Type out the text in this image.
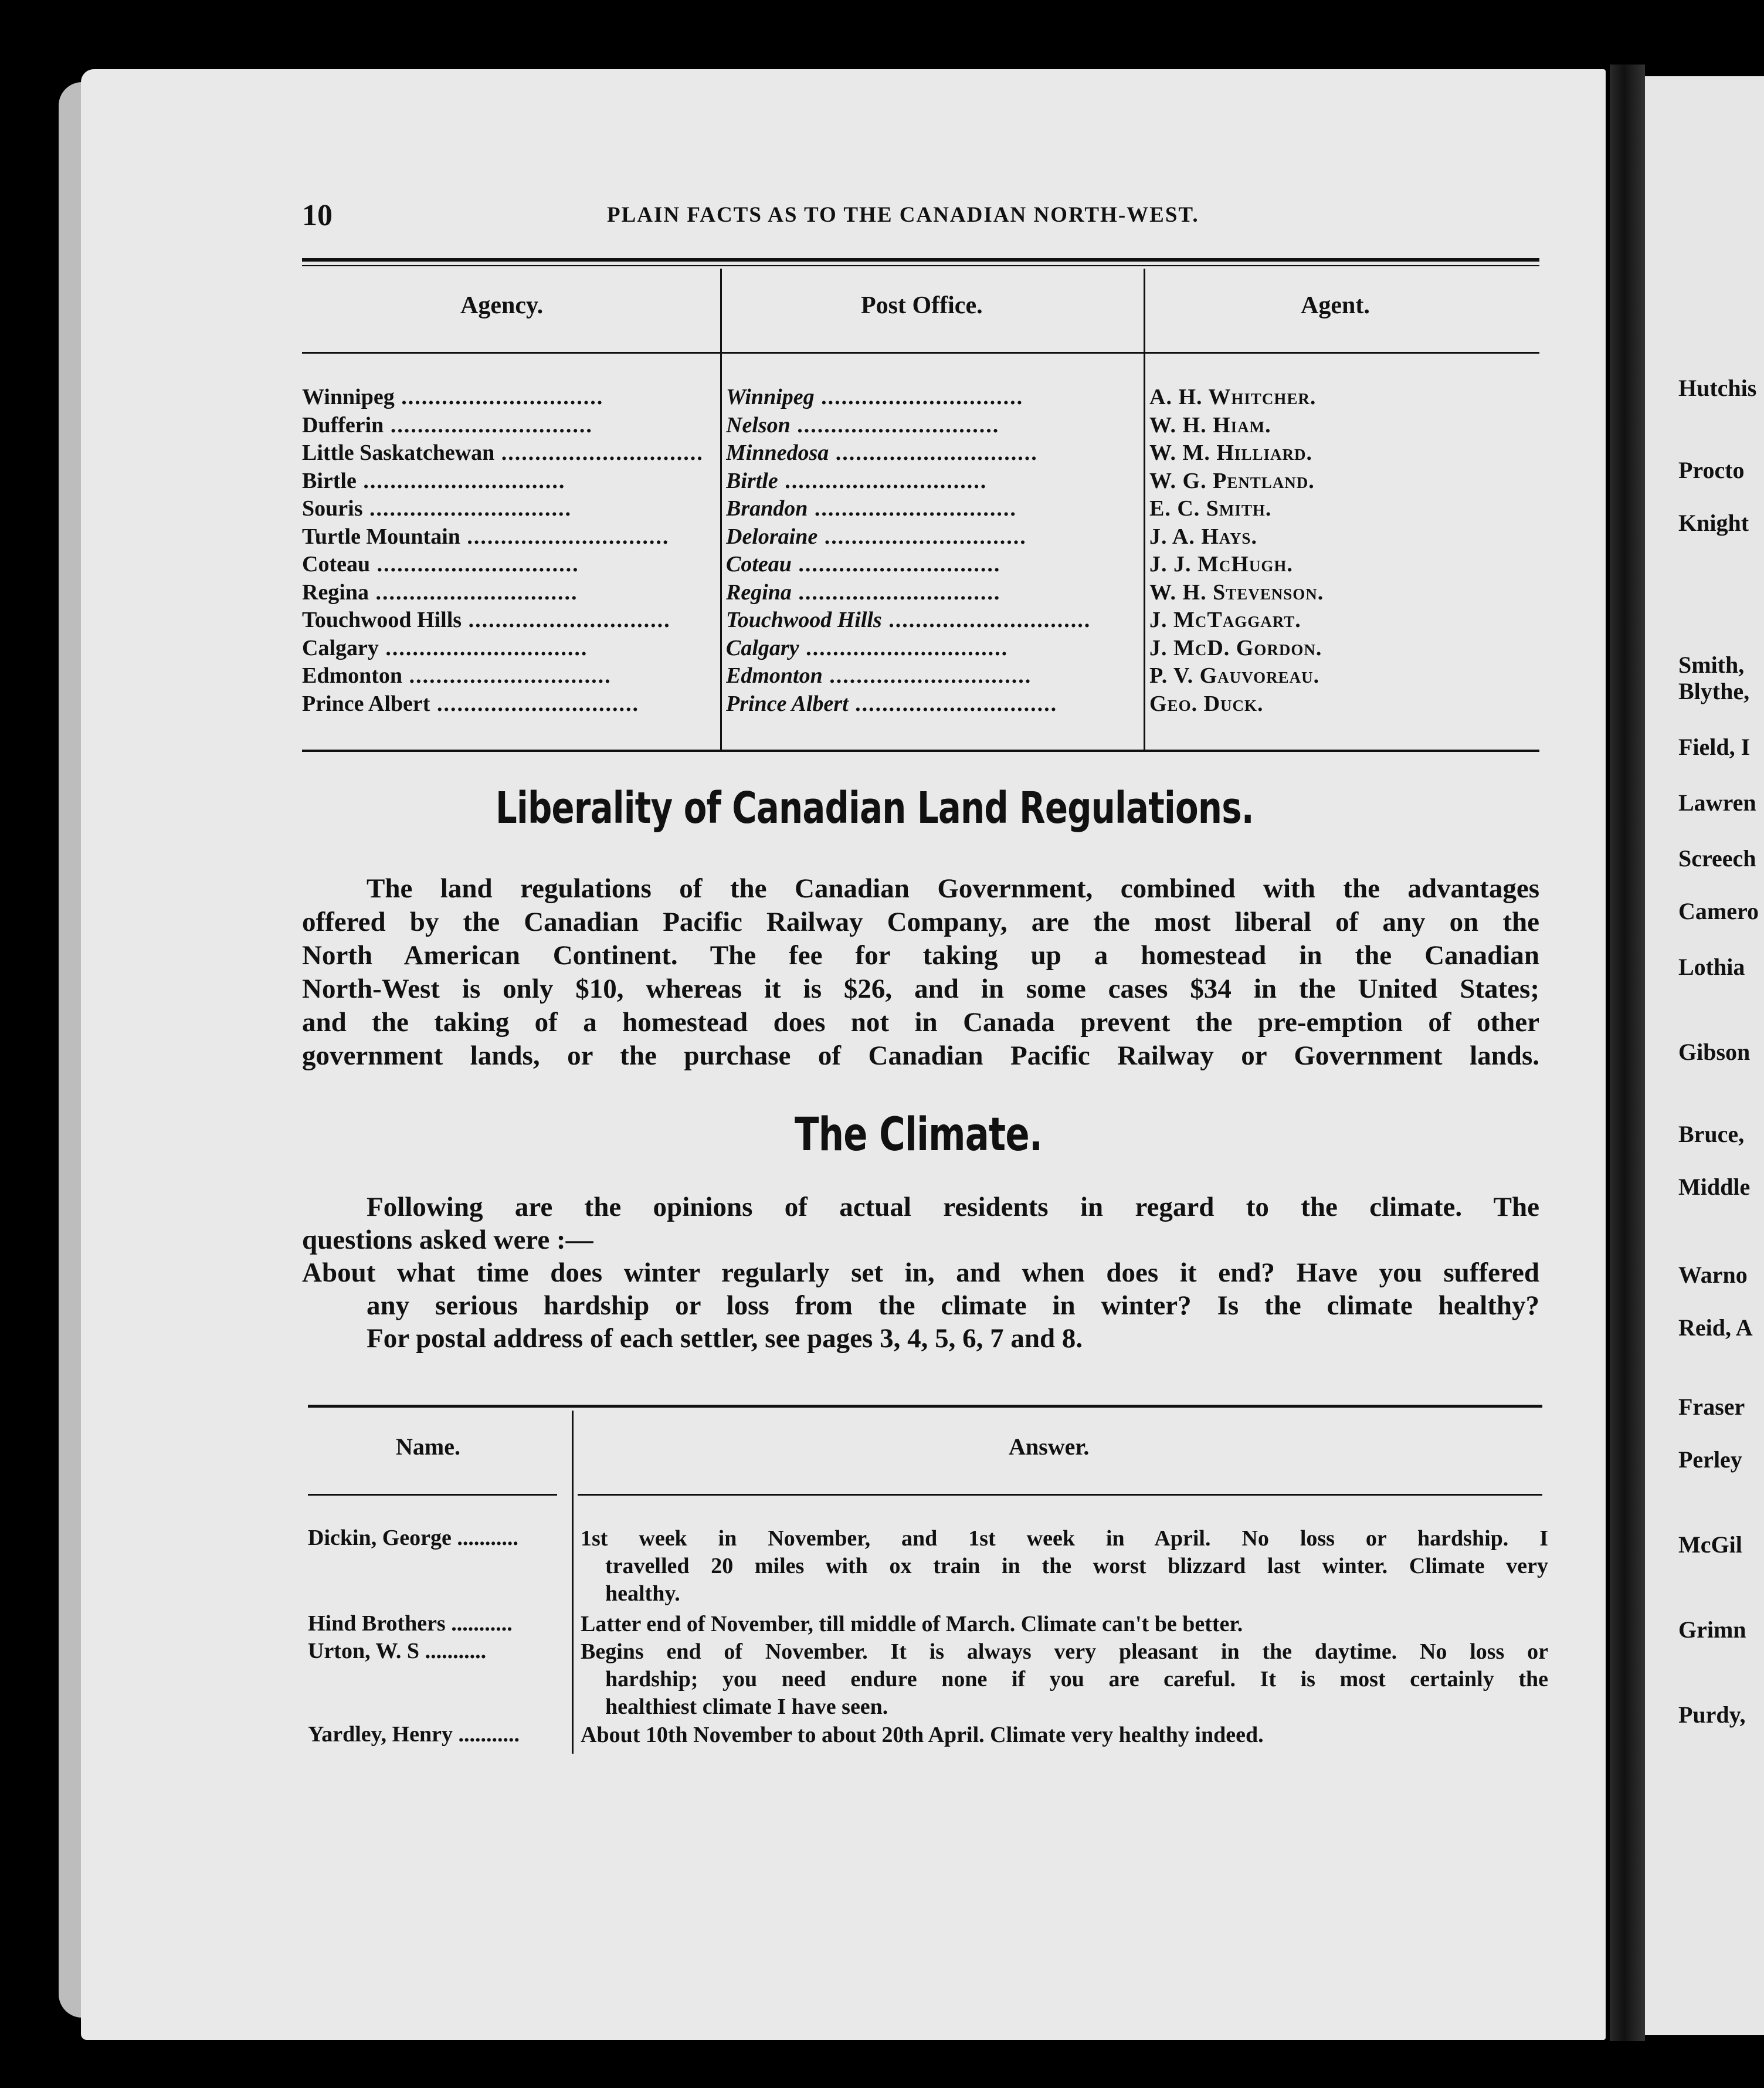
10	PLAIN FACTS AS TO THE CANADIAN NORTH-WEST.
Agency.	Post Office.	Agent.
Winnipeg ..............................	Winnipeg ..............................	A. H. Whitcher.
Dufferin ..............................	Nelson ..............................	W. H. Hiam.
Little Saskatchewan ..............................	Minnedosa ..............................	W. M. Hilliard.
Birtle ..............................	Birtle ..............................	W. G. Pentland.
Souris ..............................	Brandon ..............................	E. C. Smith.
Turtle Mountain ..............................	Deloraine ..............................	J. A. Hays.
Coteau ..............................	Coteau ..............................	J. J. McHugh.
Regina ..............................	Regina ..............................	W. H. Stevenson.
Touchwood Hills ..............................	Touchwood Hills ..............................	J. McTaggart.
Calgary ..............................	Calgary ..............................	J. McD. Gordon.
Edmonton ..............................	Edmonton ..............................	P. V. Gauvoreau.
Prince Albert ..............................	Prince Albert ..............................	Geo. Duck.
Liberality of Canadian Land Regulations.

The land regulations of the Canadian Government, combined with the advantages

offered by the Canadian Pacific Railway Company, are the most liberal of any on the

North American Continent. The fee for taking up a homestead in the Canadian

North-West is only $10, whereas it is $26, and in some cases $34 in the United States;

and the taking of a homestead does not in Canada prevent the pre-emption of other

government lands, or the purchase of Canadian Pacific Railway or Government lands.

The Climate.

Following are the opinions of actual residents in regard to the climate. The

questions asked were :—

About what time does winter regularly set in, and when does it end? Have you suffered

any serious hardship or loss from the climate in winter? Is the climate healthy?

For postal address of each settler, see pages 3, 4, 5, 6, 7 and 8.

Name.	Answer.
Dickin, George ...........	1st week in November, and 1st week in April. No loss or hardship. I
travelled 20 miles with ox train in the worst blizzard last winter. Climate very
healthy.
Hind Brothers ...........	Latter end of November, till middle of March. Climate can't be better.
Urton, W. S ...........	Begins end of November. It is always very pleasant in the daytime. No loss or
hardship; you need endure none if you are careful. It is most certainly the
healthiest climate I have seen.
Yardley, Henry ...........	About 10th November to about 20th April. Climate very healthy indeed.
Hutchis
Procto
Knight
Smith,
Blythe,
Field, I
Lawren
Screech
Camero
Lothia
Gibson
Bruce,
Middle
Warno
Reid, A
Fraser
Perley
McGil
Grimn
Purdy,
